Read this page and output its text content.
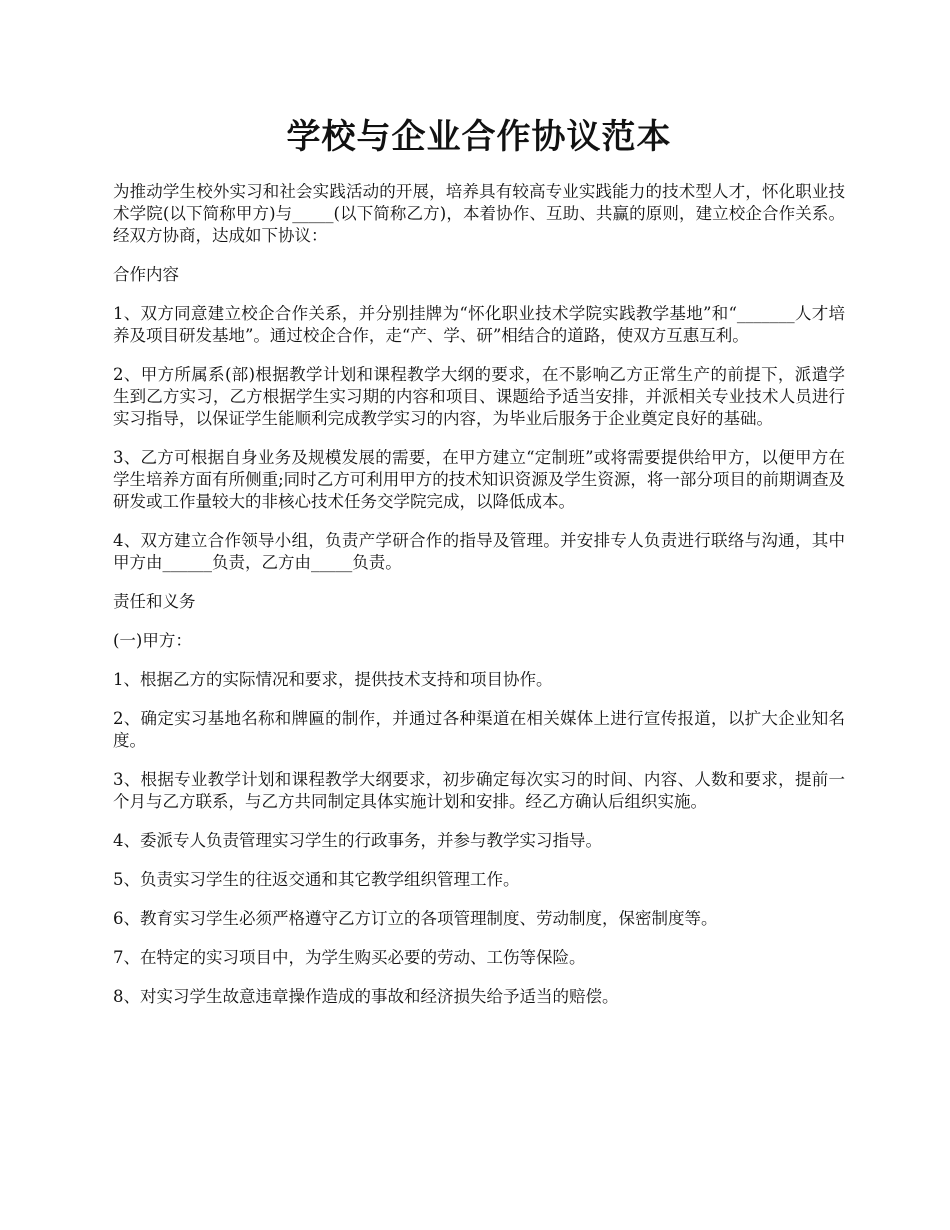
学校与企业合作协议范本

为推动学生校外实习和社会实践活动的开展，培养具有较高专业实践能力的技术型人才，怀化职业技术学院(以下简称甲方)与_____(以下简称乙方)，本着协作、互助、共赢的原则，建立校企合作关系。经双方协商，达成如下协议：

合作内容

1、双方同意建立校企合作关系，并分别挂牌为“怀化职业技术学院实践教学基地”和“_______人才培养及项目研发基地”。通过校企合作，走“产、学、研”相结合的道路，使双方互惠互利。

2、甲方所属系(部)根据教学计划和课程教学大纲的要求，在不影响乙方正常生产的前提下，派遣学生到乙方实习，乙方根据学生实习期的内容和项目、课题给予适当安排，并派相关专业技术人员进行实习指导，以保证学生能顺利完成教学实习的内容，为毕业后服务于企业奠定良好的基础。

3、乙方可根据自身业务及规模发展的需要，在甲方建立“定制班”或将需要提供给甲方，以便甲方在学生培养方面有所侧重;同时乙方可利用甲方的技术知识资源及学生资源，将一部分项目的前期调查及研发或工作量较大的非核心技术任务交学院完成，以降低成本。

4、双方建立合作领导小组，负责产学研合作的指导及管理。并安排专人负责进行联络与沟通，其中甲方由______负责，乙方由_____负责。

责任和义务

(一)甲方：

1、根据乙方的实际情况和要求，提供技术支持和项目协作。

2、确定实习基地名称和牌匾的制作，并通过各种渠道在相关媒体上进行宣传报道，以扩大企业知名度。

3、根据专业教学计划和课程教学大纲要求，初步确定每次实习的时间、内容、人数和要求，提前一个月与乙方联系，与乙方共同制定具体实施计划和安排。经乙方确认后组织实施。

4、委派专人负责管理实习学生的行政事务，并参与教学实习指导。

5、负责实习学生的往返交通和其它教学组织管理工作。

6、教育实习学生必须严格遵守乙方订立的各项管理制度、劳动制度，保密制度等。

7、在特定的实习项目中，为学生购买必要的劳动、工伤等保险。

8、对实习学生故意违章操作造成的事故和经济损失给予适当的赔偿。
